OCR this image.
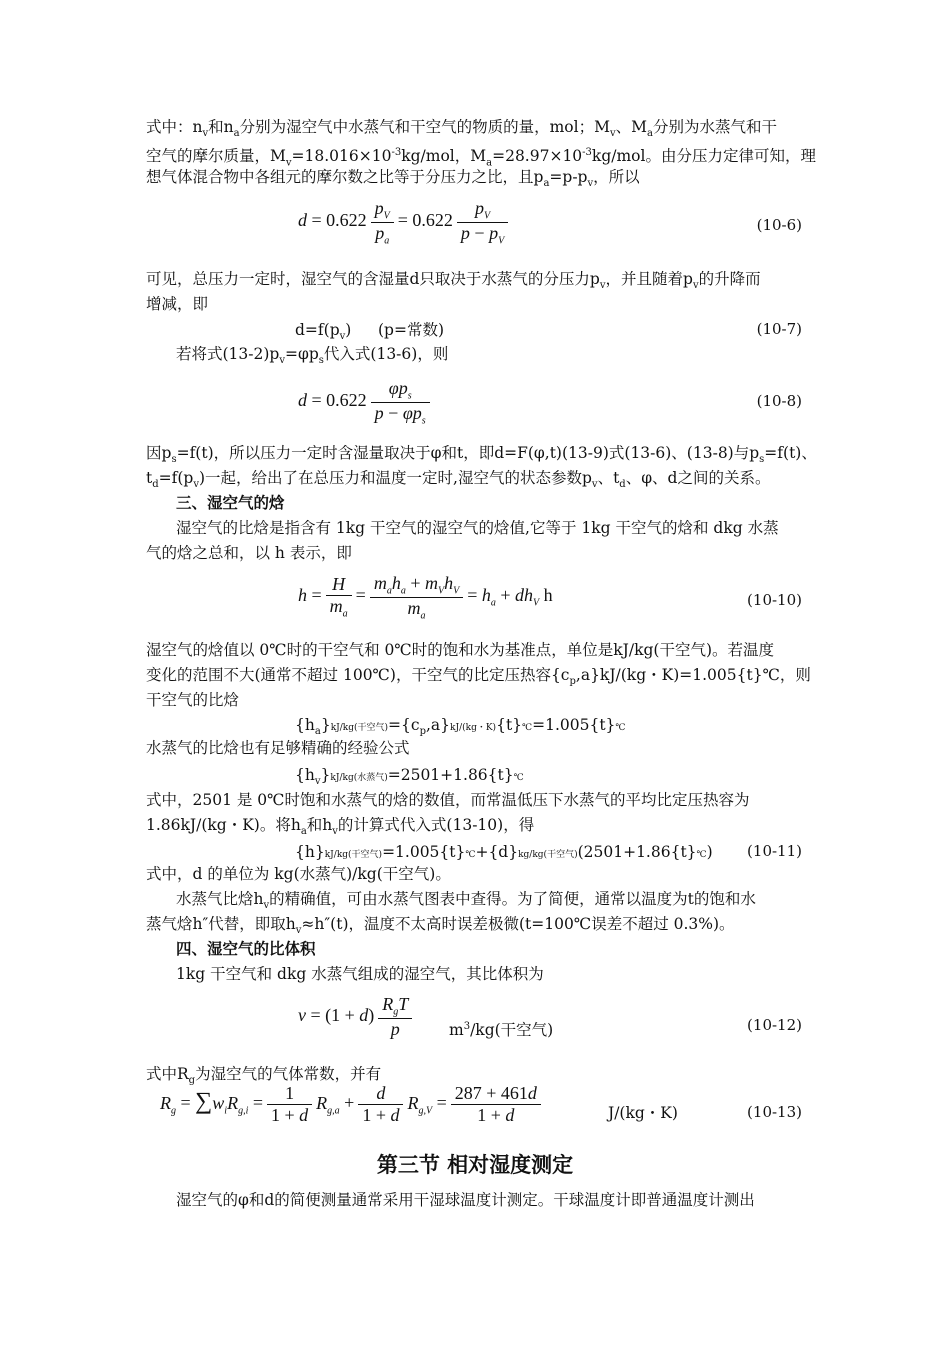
式中：$n_v$和$n_a$分别为湿空气中水蒸气和干空气的物质的量，mol；$M_v$、$M_a$分别为水蒸气和干
空气的摩尔质量，$M_v=18.016\times 10^{-3}kg$/mol，$M_a=28.97\times 10^{-3}kg$/mol。由分压力定律可知，理
想气体混合物中各组元的摩尔数之比等于分压力之比，且$p_a=p-p_v$，所以
$d = 0.622 \frac{p_V}{p_a} = 0.622 \frac{p_V}{p - p_V}$	(10-6)
可见，总压力一定时，湿空气的含湿量d只取决于水蒸气的分压力$p_v$，并且随着$p_v$的升降而
增减，即
$d=f(p_v)$ (p=常数)	(10-7)
若将式$(13-2)p_v=\varphi p_s$代入式(13-6)，则
$d = 0.622 \frac{\varphi p_s}{p - \varphi p_s}$	(10-8)
因$p_s=f(t)$，所以压力一定时含湿量取决于φ和t，即d=F(φ,t)(13-9)式(13-6)、(13-8)与$p_s=f(t)$、
$t_d=f(p_v)$一起，给出了在总压力和温度一定时,湿空气的状态参数$p_v$、$t_d$、φ、d之间的关系。
三、湿空气的焓
湿空气的比焓是指含有 1kg 干空气的湿空气的焓值,它等于 1kg 干空气的焓和 dkg 水蒸
气的焓之总和，以 h 表示，即
$h = \frac{H}{m_a} = \frac{m_ah_a + m_Vh_V}{m_a} = h_a + dh_V$ h	(10-10)
湿空气的焓值以 0℃时的干空气和 0℃时的饱和水为基准点，单位是kJ/kg(干空气)。若温度
变化的范围不大(通常不超过 100℃)，干空气的比定压热容$\{c_p,a\}kJ/(kg$・K)=1.005{t}℃，则
干空气的比焓
$\{h_a\}kJ/kg$(干空气)$=\{c_p,a\}kJ/(kg$・K){t}℃=1.005{t}℃
水蒸气的比焓也有足够精确的经验公式
$\{h_v\}kJ/kg$(水蒸气)=2501+1.86{t}℃
式中，2501 是 0℃时饱和水蒸气的焓的数值，而常温低压下水蒸气的平均比定压热容为
1.86kJ/(kg・K)。将$h_a$和$h_v$的计算式代入式(13-10)，得
{h}kJ/kg(干空气)=1.005{t}℃+{d}kg/kg(干空气)(2501+1.86{t}℃) (10-11)
式中，d 的单位为 kg(水蒸气)/kg(干空气)。
水蒸气比焓$h_v$的精确值，可由水蒸气图表中查得。为了简便，通常以温度为t的饱和水
蒸气焓h″代替，即取$h_v\approx h''(t)$，温度不太高时误差极微(t=100℃误差不超过 0.3%)。
四、湿空气的比体积
1kg 干空气和 dkg 水蒸气组成的湿空气，其比体积为
$v = (1 + d) \frac{R_gT}{p} m^3/kg$(干空气)	(10-12)
式中$R_g$为湿空气的气体常数，并有
$R_g = \sum w_iR_{g,i} = \frac{1}{1 + d} R_{g,a} + \frac{d}{1 + d} R_{g,V} = \frac{287 + 461d}{1 + d}$	J/(kg・K)	(10-13)
第三节 相对湿度测定
湿空气的φ和d的简便测量通常采用干湿球温度计测定。干球温度计即普通温度计测出
